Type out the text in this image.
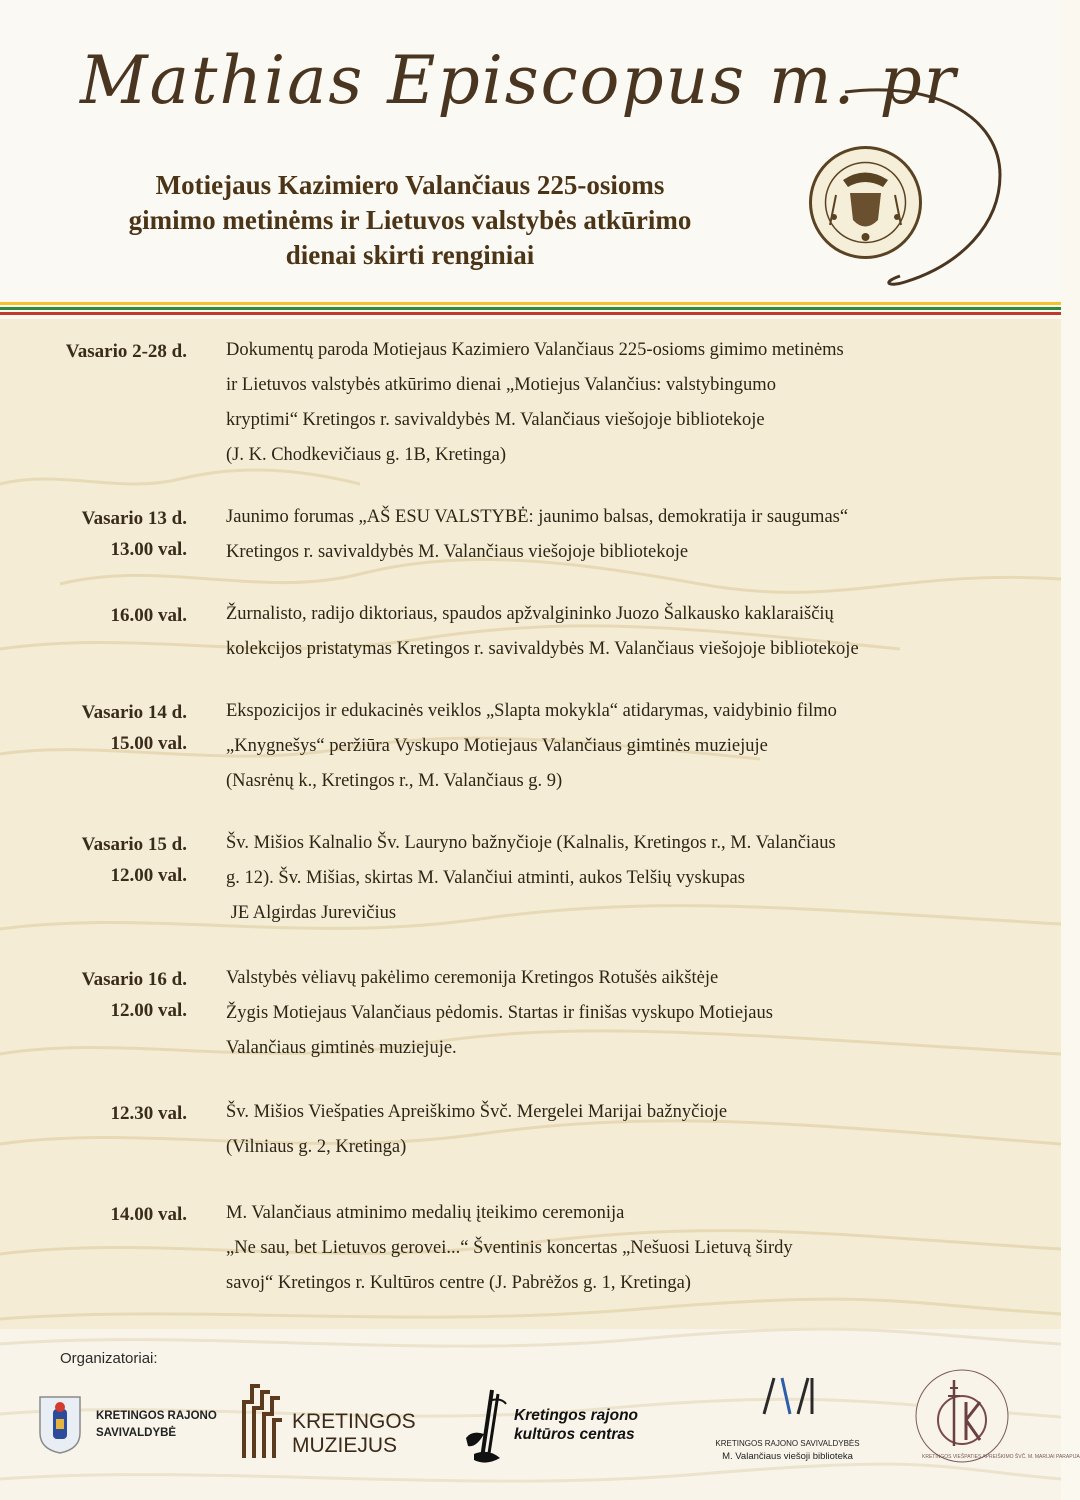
Mathias Episcopus m. pr
Motiejaus Kazimiero Valančiaus 225-osioms
gimimo metinėms ir Lietuvos valstybės atkūrimo
dienai skirti renginiai

Vasario 2-28 d. Dokumentų paroda Motiejaus Kazimiero Valančiaus 225-osioms gimimo metinėms
ir Lietuvos valstybės atkūrimo dienai „Motiejus Valančius: valstybingumo
kryptimi“ Kretingos r. savivaldybės M. Valančiaus viešojoje bibliotekoje
(J. K. Chodkevičiaus g. 1B, Kretinga)
Vasario 13 d.
13.00 val.
Jaunimo forumas „AŠ ESU VALSTYBĖ: jaunimo balsas, demokratija ir saugumas“
Kretingos r. savivaldybės M. Valančiaus viešojoje bibliotekoje
16.00 val. Žurnalisto, radijo diktoriaus, spaudos apžvalgininko Juozo Šalkausko kaklaraiščių
kolekcijos pristatymas Kretingos r. savivaldybės M. Valančiaus viešojoje bibliotekoje
Vasario 14 d.
15.00 val.
Ekspozicijos ir edukacinės veiklos „Slapta mokykla“ atidarymas, vaidybinio filmo
„Knygnešys“ peržiūra Vyskupo Motiejaus Valančiaus gimtinės muziejuje
(Nasrėnų k., Kretingos r., M. Valančiaus g. 9)
Vasario 15 d.
12.00 val.
Šv. Mišios Kalnalio Šv. Lauryno bažnyčioje (Kalnalis, Kretingos r., M. Valančiaus
g. 12). Šv. Mišias, skirtas M. Valančiui atminti, aukos Telšių vyskupas
JE Algirdas Jurevičius
Vasario 16 d.
12.00 val.
Valstybės vėliavų pakėlimo ceremonija Kretingos Rotušės aikštėje
Žygis Motiejaus Valančiaus pėdomis. Startas ir finišas vyskupo Motiejaus
Valančiaus gimtinės muziejuje.
12.30 val. Šv. Mišios Viešpaties Apreiškimo Švč. Mergelei Marijai bažnyčioje
(Vilniaus g. 2, Kretinga)
14.00 val. M. Valančiaus atminimo medalių įteikimo ceremonija
„Ne sau, bet Lietuvos gerovei...“ Šventinis koncertas „Nešuosi Lietuvą širdy
savoj“ Kretingos r. Kultūros centre (J. Pabrėžos g. 1, Kretinga)
Organizatoriai:
KRETINGOS RAJONO
SAVIVALDYBĖ	KRETINGOS
MUZIEJUS
Kretingos rajono
kultūros centras
KRETINGOS RAJONO SAVIVALDYBĖS
M. Valančiaus viešoji biblioteka	KRETINGOS VIEŠPATIES APREIŠKIMO ŠVČ. M. MARIJAI PARAPIJA
